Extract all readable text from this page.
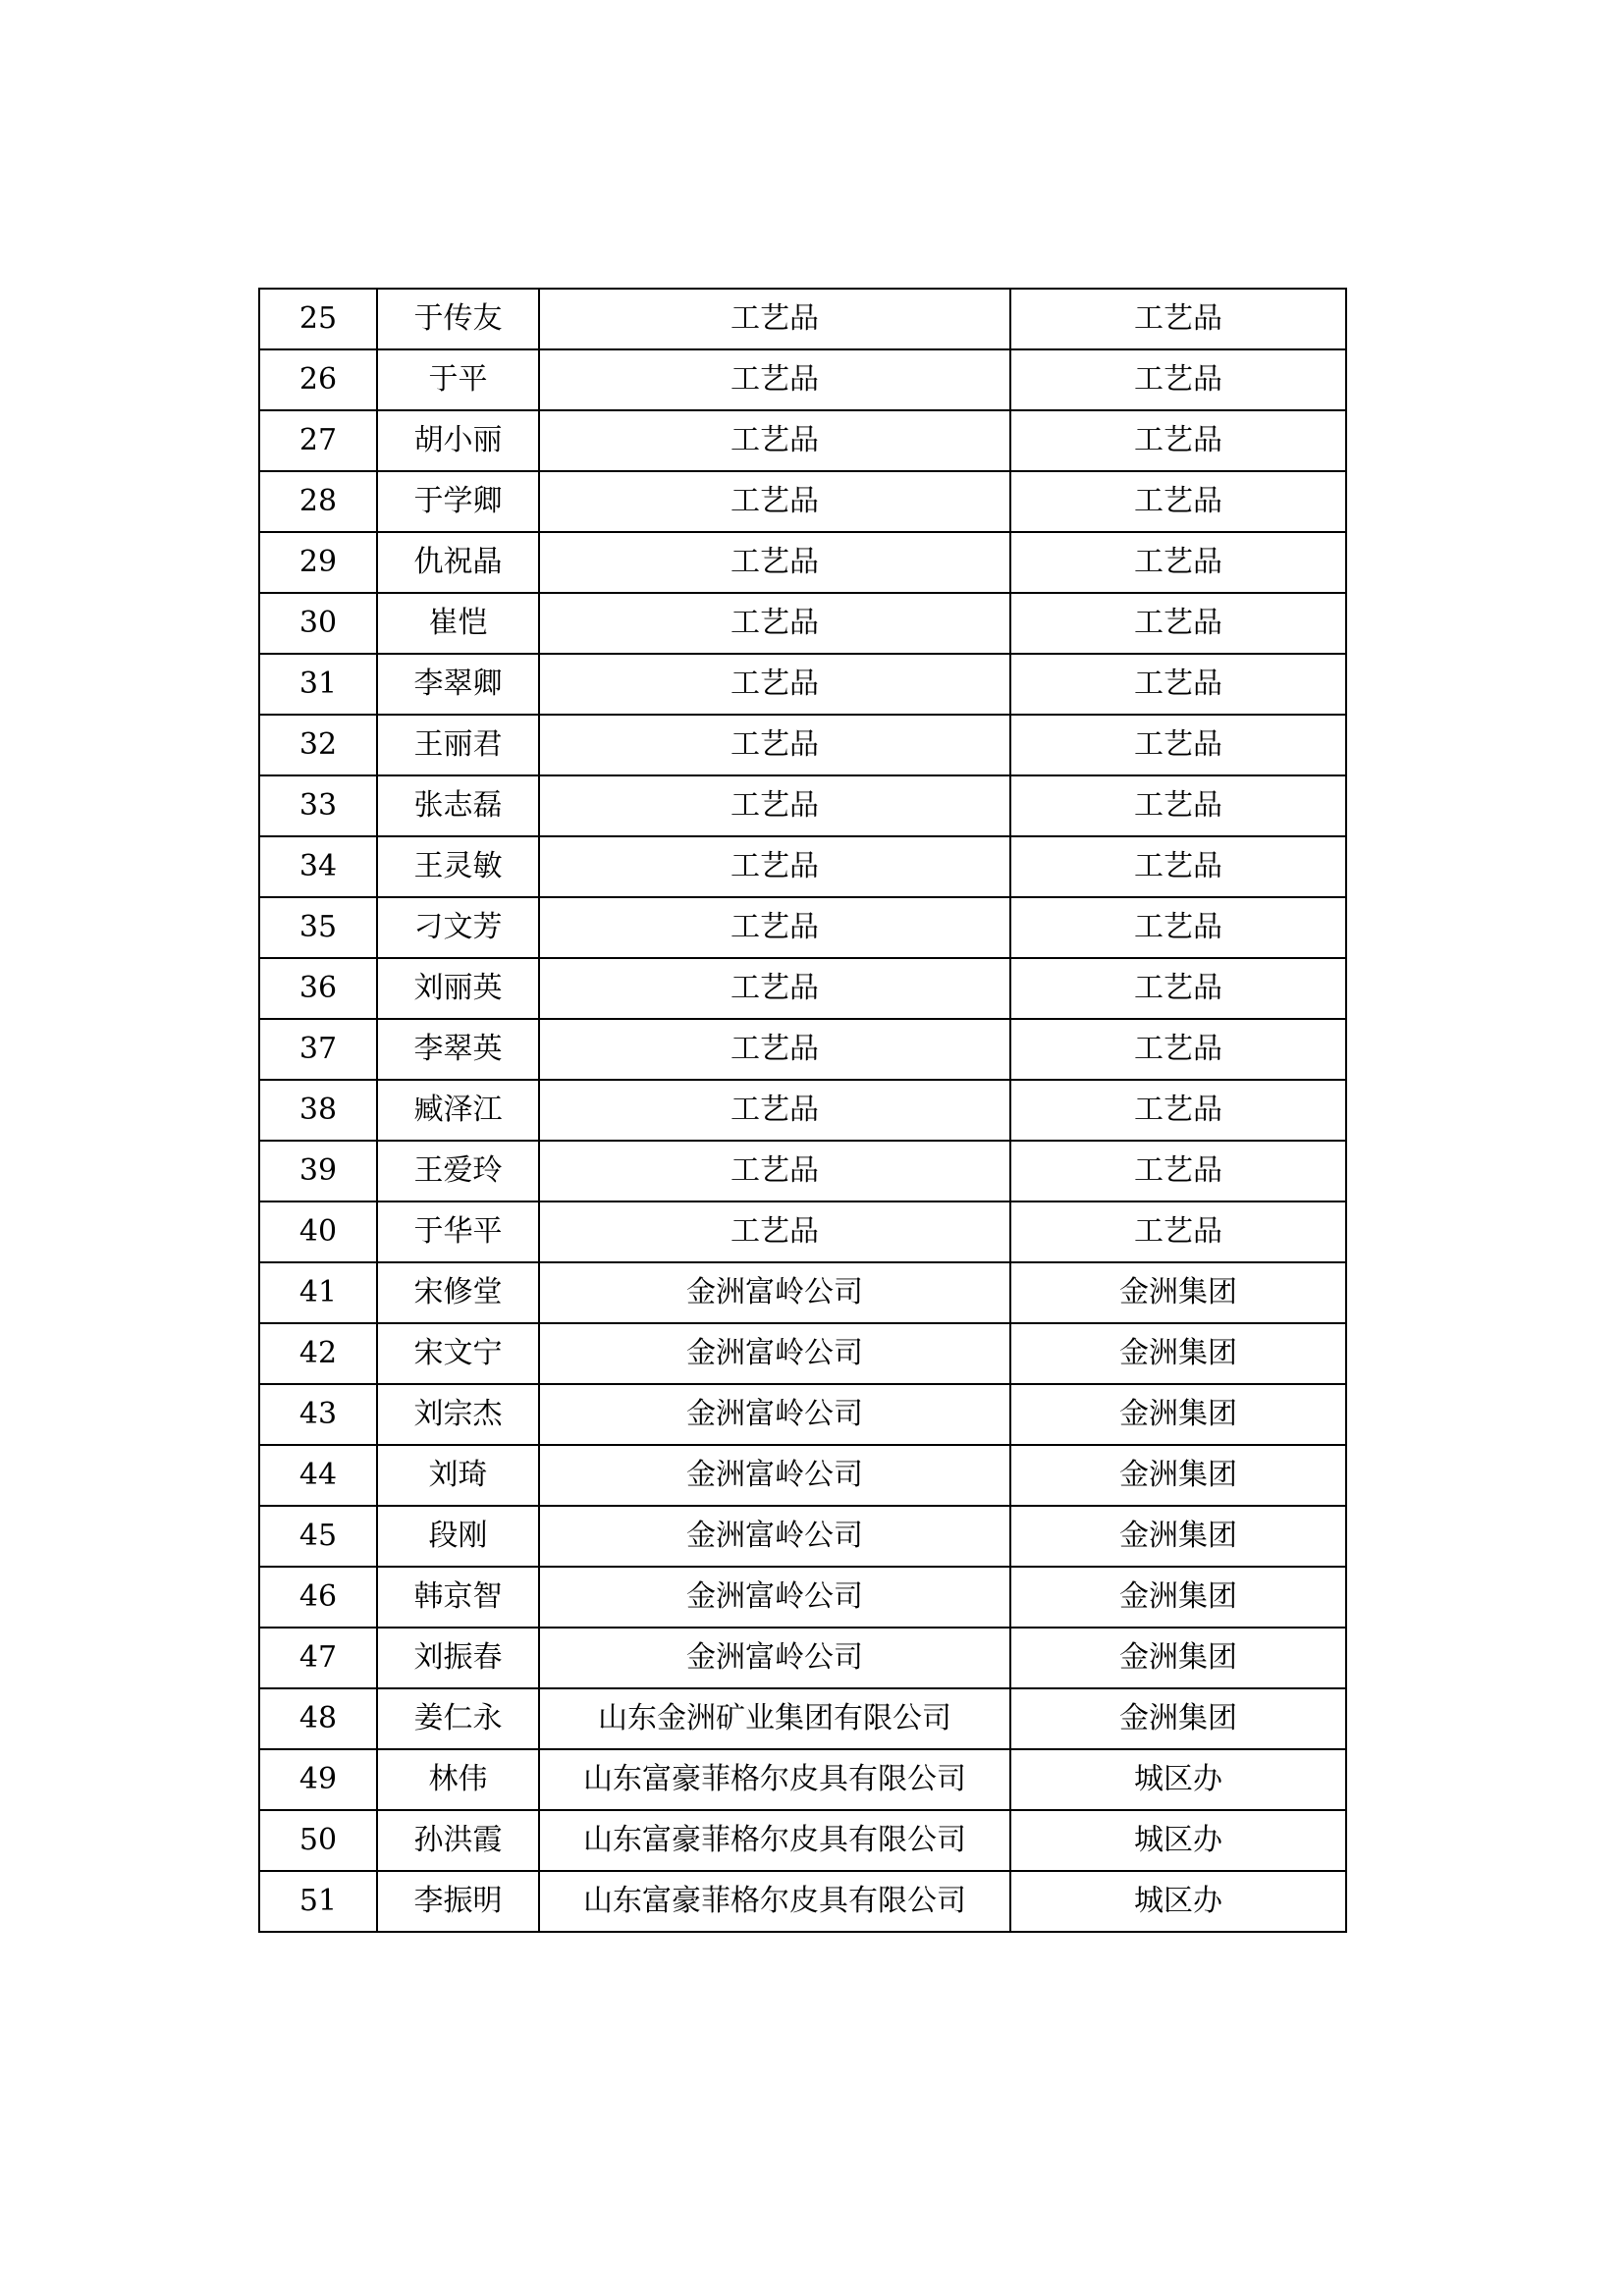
25	于传友	工艺品	工艺品
26	于平	工艺品	工艺品
27	胡小丽	工艺品	工艺品
28	于学卿	工艺品	工艺品
29	仇祝晶	工艺品	工艺品
30	崔恺	工艺品	工艺品
31	李翠卿	工艺品	工艺品
32	王丽君	工艺品	工艺品
33	张志磊	工艺品	工艺品
34	王灵敏	工艺品	工艺品
35	刁文芳	工艺品	工艺品
36	刘丽英	工艺品	工艺品
37	李翠英	工艺品	工艺品
38	臧泽江	工艺品	工艺品
39	王爱玲	工艺品	工艺品
40	于华平	工艺品	工艺品
41	宋修堂	金洲富岭公司	金洲集团
42	宋文宁	金洲富岭公司	金洲集团
43	刘宗杰	金洲富岭公司	金洲集团
44	刘琦	金洲富岭公司	金洲集团
45	段刚	金洲富岭公司	金洲集团
46	韩京智	金洲富岭公司	金洲集团
47	刘振春	金洲富岭公司	金洲集团
48	姜仁永	山东金洲矿业集团有限公司	金洲集团
49	林伟	山东富豪菲格尔皮具有限公司	城区办
50	孙洪霞	山东富豪菲格尔皮具有限公司	城区办
51	李振明	山东富豪菲格尔皮具有限公司	城区办
